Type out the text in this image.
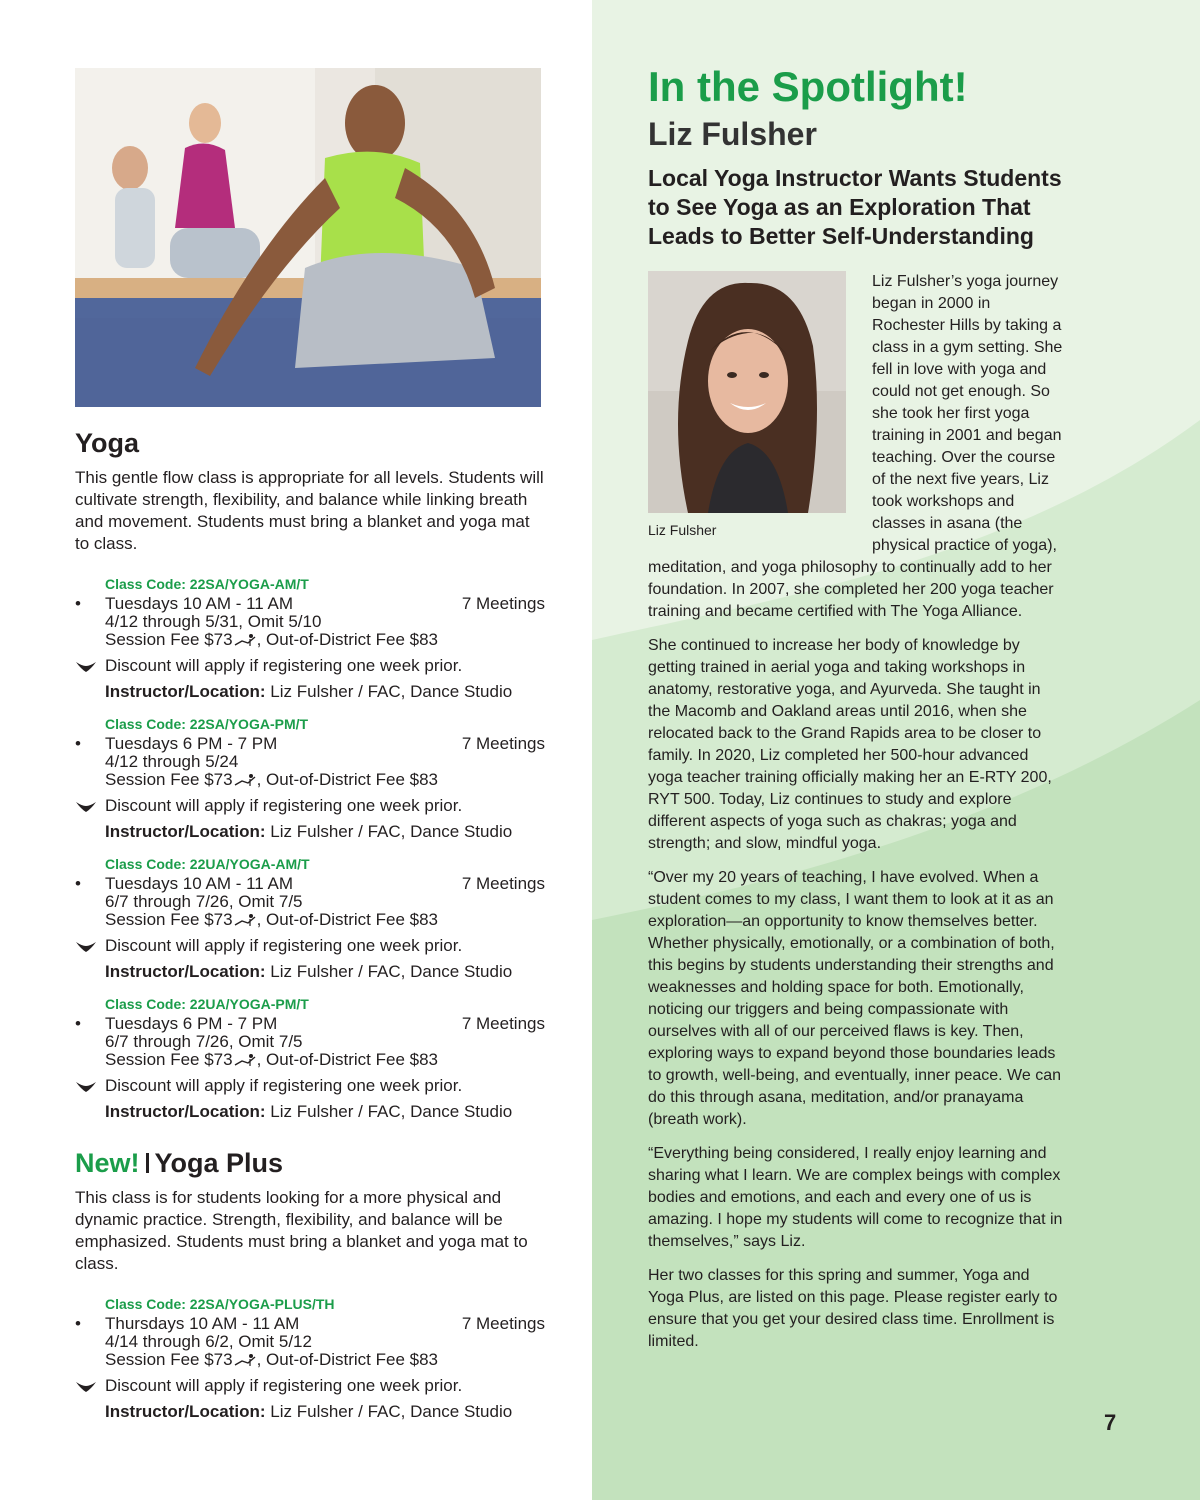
Yoga

This gentle flow class is appropriate for all levels. Students will cultivate strength, flexibility, and balance while linking breath and movement. Students must bring a blanket and yoga mat to class.

Class Code: 22SA/YOGA-AM/T
• Tuesdays 10 AM - 11 AM	7 Meetings
4/12 through 5/31, Omit 5/10
Session Fee $73 , Out-of-District Fee $83
Discount will apply if registering one week prior.
Instructor/Location: Liz Fulsher / FAC, Dance Studio
Class Code: 22SA/YOGA-PM/T
• Tuesdays 6 PM - 7 PM	7 Meetings
4/12 through 5/24
Session Fee $73 , Out-of-District Fee $83
Discount will apply if registering one week prior.
Instructor/Location: Liz Fulsher / FAC, Dance Studio
Class Code: 22UA/YOGA-AM/T
• Tuesdays 10 AM - 11 AM	7 Meetings
6/7 through 7/26, Omit 7/5
Session Fee $73 , Out-of-District Fee $83
Discount will apply if registering one week prior.
Instructor/Location: Liz Fulsher / FAC, Dance Studio
Class Code: 22UA/YOGA-PM/T
• Tuesdays 6 PM - 7 PM	7 Meetings
6/7 through 7/26, Omit 7/5
Session Fee $73 , Out-of-District Fee $83
Discount will apply if registering one week prior.
Instructor/Location: Liz Fulsher / FAC, Dance Studio
New! Yoga Plus

This class is for students looking for a more physical and dynamic practice. Strength, flexibility, and balance will be emphasized. Students must bring a blanket and yoga mat to class.

Class Code: 22SA/YOGA-PLUS/TH
• Thursdays 10 AM - 11 AM	7 Meetings
4/14 through 6/2, Omit 5/12
Session Fee $73 , Out-of-District Fee $83
Discount will apply if registering one week prior.
Instructor/Location: Liz Fulsher / FAC, Dance Studio
In the Spotlight!
Liz Fulsher
Local Yoga Instructor Wants Students to See Yoga as an Exploration That Leads to Better Self-Understanding
Liz Fulsher

Liz Fulsher’s yoga journey began in 2000 in Rochester Hills by taking a class in a gym setting. She fell in love with yoga and could not get enough. So she took her first yoga training in 2001 and began teaching. Over the course of the next five years, Liz took workshops and classes in asana (the physical practice of yoga), meditation, and yoga philosophy to continually add to her foundation. In 2007, she completed her 200 yoga teacher training and became certified with The Yoga Alliance.

She continued to increase her body of knowledge by getting trained in aerial yoga and taking workshops in anatomy, restorative yoga, and Ayurveda. She taught in the Macomb and Oakland areas until 2016, when she relocated back to the Grand Rapids area to be closer to family. In 2020, Liz completed her 500-hour advanced yoga teacher training officially making her an E-RTY 200, RYT 500. Today, Liz continues to study and explore different aspects of yoga such as chakras; yoga and strength; and slow, mindful yoga.

“Over my 20 years of teaching, I have evolved. When a student comes to my class, I want them to look at it as an exploration—an opportunity to know themselves better. Whether physically, emotionally, or a combination of both, this begins by students understanding their strengths and weaknesses and holding space for both. Emotionally, noticing our triggers and being compassionate with ourselves with all of our perceived flaws is key. Then, exploring ways to expand beyond those boundaries leads to growth, well-being, and eventually, inner peace. We can do this through asana, meditation, and/or pranayama (breath work).

“Everything being considered, I really enjoy learning and sharing what I learn. We are complex beings with complex bodies and emotions, and each and every one of us is amazing. I hope my students will come to recognize that in themselves,” says Liz.

Her two classes for this spring and summer, Yoga and Yoga Plus, are listed on this page. Please register early to ensure that you get your desired class time. Enrollment is limited.

7
